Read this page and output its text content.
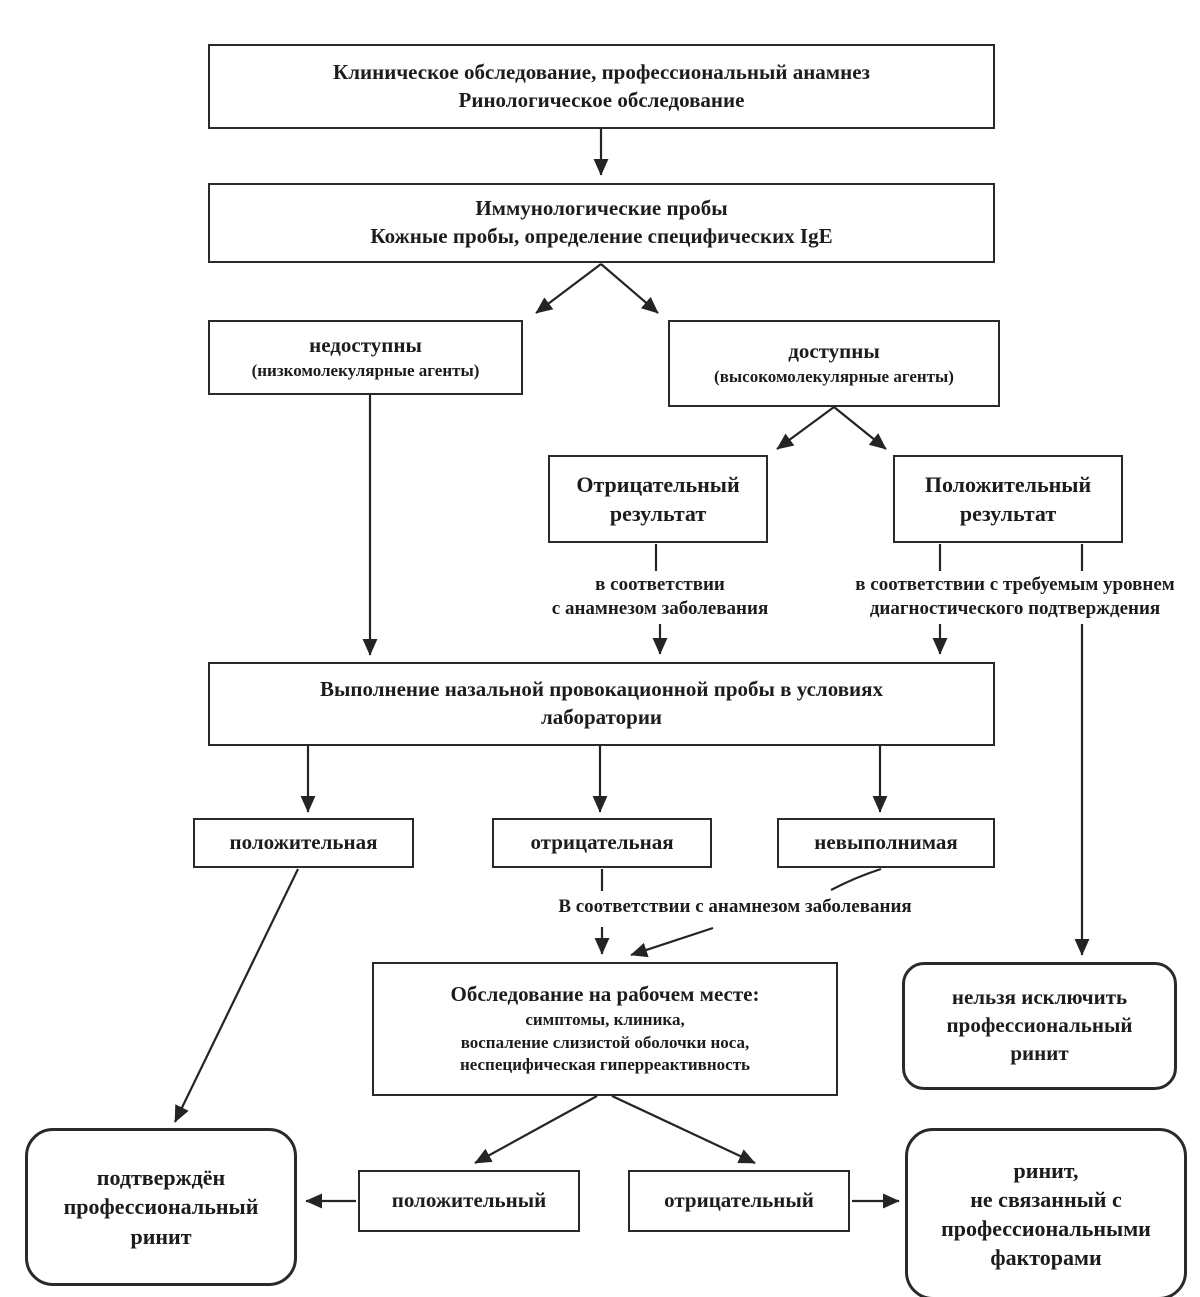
Клиническое обследование, профессиональный анамнез
Ринологическое обследование
Иммунологические пробы
Кожные пробы, определение специфических IgE
недоступны
(низкомолекулярные агенты)
доступны
(высокомолекулярные агенты)
Отрицательный
результат
Положительный
результат
Выполнение назальной провокационной пробы в условиях
лаборатории
положительная	отрицательная	невыполнимая
Обследование на рабочем месте:
симптомы, клиника,
воспаление слизистой оболочки носа,
неспецифическая гиперреактивность
нельзя исключить
профессиональный
ринит
подтверждён
профессиональный
ринит
положительный	отрицательный
ринит,
не связанный с
профессиональными
факторами
в соответствии
с анамнезом заболевания
в соответствии с требуемым уровнем
диагностического подтверждения
В соответствии с анамнезом заболевания
